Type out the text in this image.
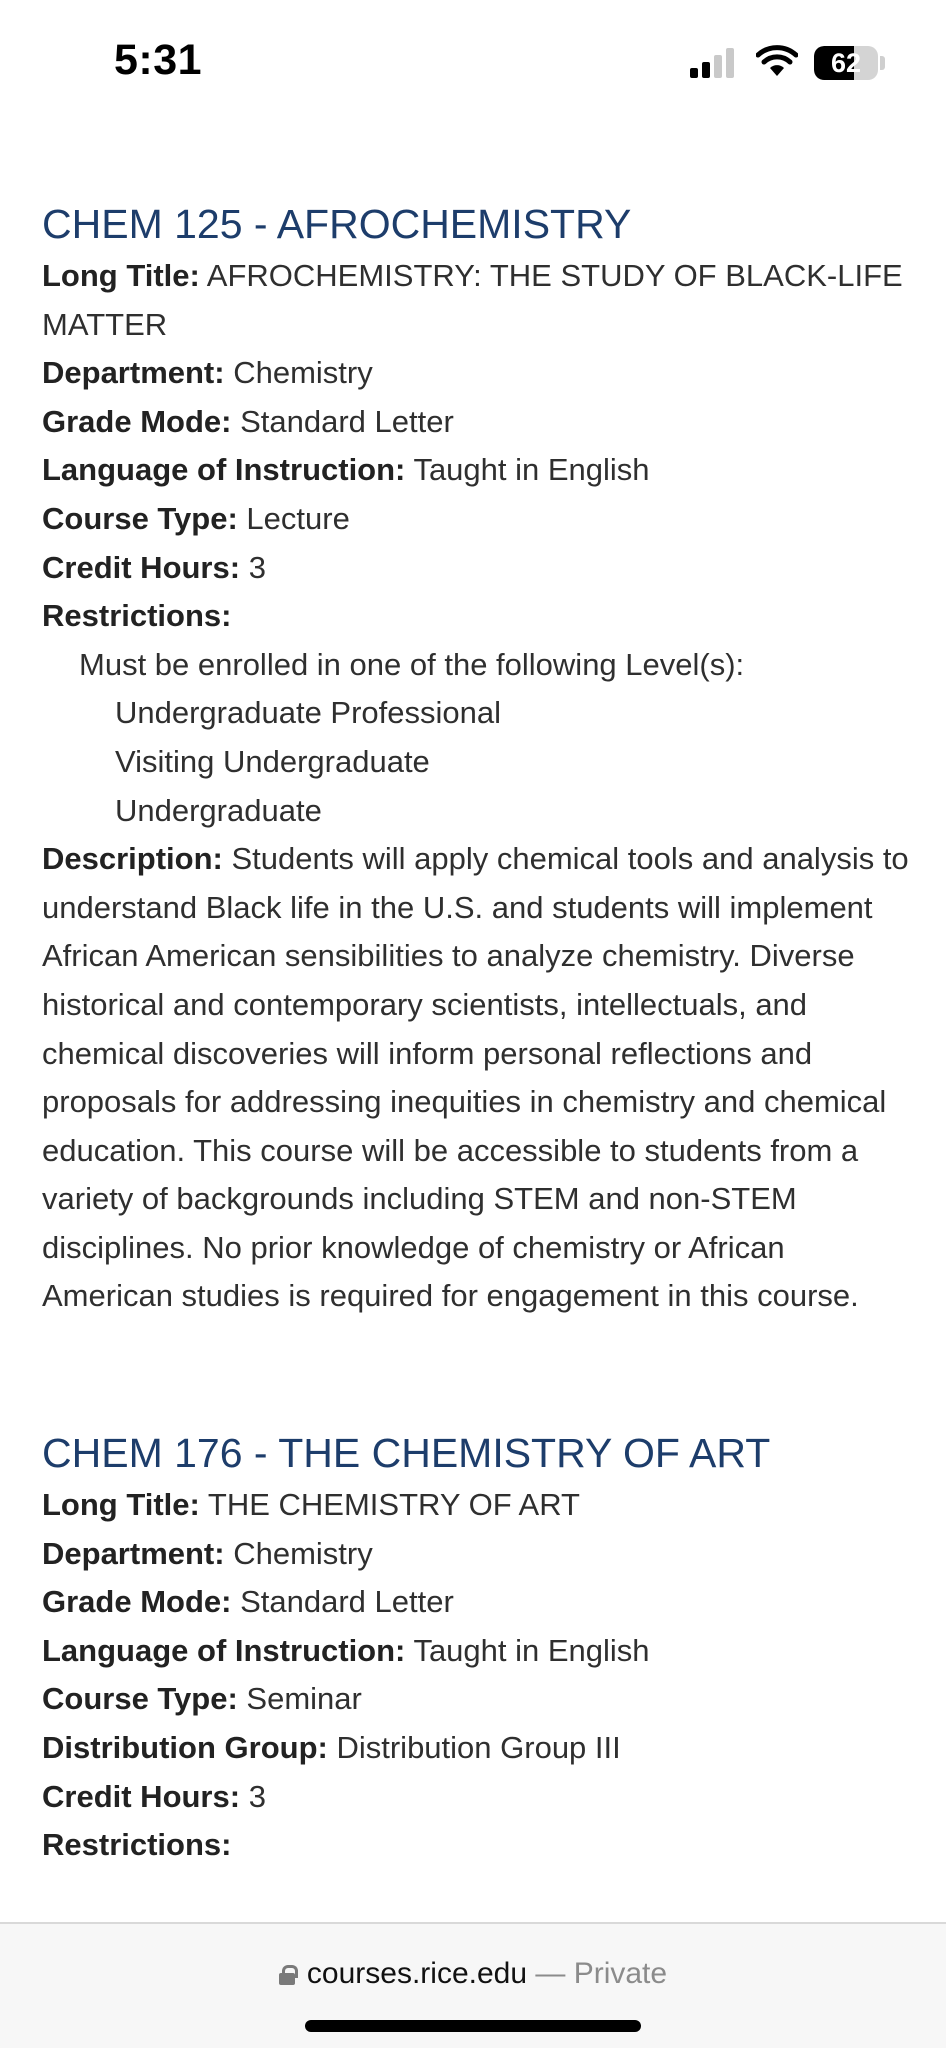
5:31	62
CHEM 125 - AFROCHEMISTRY
Long Title: AFROCHEMISTRY: THE STUDY OF BLACK-LIFE MATTER
Department: Chemistry
Grade Mode: Standard Letter
Language of Instruction: Taught in English
Course Type: Lecture
Credit Hours: 3
Restrictions:
Must be enrolled in one of the following Level(s):
Undergraduate Professional
Visiting Undergraduate
Undergraduate
Description: Students will apply chemical tools and analysis to understand Black life in the U.S. and students will implement African American sensibilities to analyze chemistry. Diverse historical and contemporary scientists, intellectuals, and chemical discoveries will inform personal reflections and proposals for addressing inequities in chemistry and chemical education. This course will be accessible to students from a variety of backgrounds including STEM and non-STEM disciplines. No prior knowledge of chemistry or African American studies is required for engagement in this course.
CHEM 176 - THE CHEMISTRY OF ART
Long Title: THE CHEMISTRY OF ART
Department: Chemistry
Grade Mode: Standard Letter
Language of Instruction: Taught in English
Course Type: Seminar
Distribution Group: Distribution Group III
Credit Hours: 3
Restrictions:
courses.rice.edu — Private
